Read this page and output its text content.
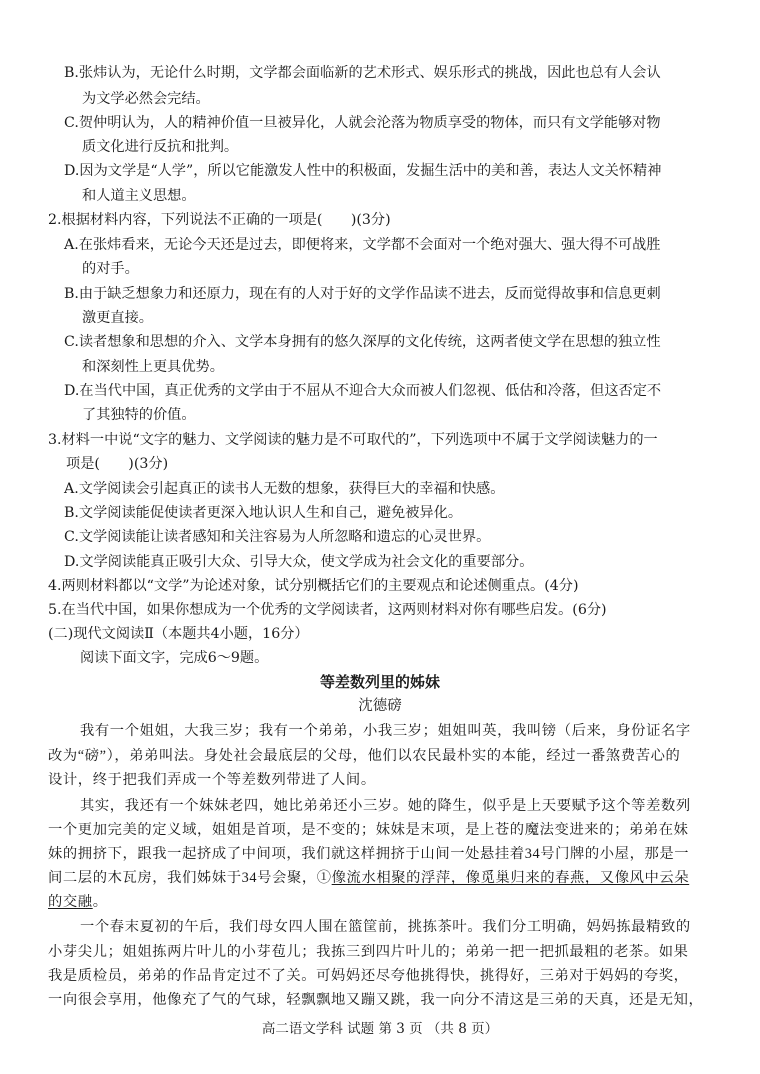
B.张炜认为，无论什么时期，文学都会面临新的艺术形式、娱乐形式的挑战，因此也总有人会认
为文学必然会完结。
C.贺仲明认为，人的精神价值一旦被异化，人就会沦落为物质享受的物体，而只有文学能够对物
质文化进行反抗和批判。
D.因为文学是“人学”，所以它能激发人性中的积极面，发掘生活中的美和善，表达人文关怀精神
和人道主义思想。
2.根据材料内容，下列说法不正确的一项是(　　)(3分)
A.在张炜看来，无论今天还是过去，即便将来，文学都不会面对一个绝对强大、强大得不可战胜
的对手。
B.由于缺乏想象力和还原力，现在有的人对于好的文学作品读不进去，反而觉得故事和信息更刺
激更直接。
C.读者想象和思想的介入、文学本身拥有的悠久深厚的文化传统，这两者使文学在思想的独立性
和深刻性上更具优势。
D.在当代中国，真正优秀的文学由于不屈从不迎合大众而被人们忽视、低估和冷落，但这否定不
了其独特的价值。
3.材料一中说“文字的魅力、文学阅读的魅力是不可取代的”，下列选项中不属于文学阅读魅力的一
项是(　　)(3分)
A.文学阅读会引起真正的读书人无数的想象，获得巨大的幸福和快感。
B.文学阅读能促使读者更深入地认识人生和自己，避免被异化。
C.文学阅读能让读者感知和关注容易为人所忽略和遗忘的心灵世界。
D.文学阅读能真正吸引大众、引导大众，使文学成为社会文化的重要部分。
4.两则材料都以“文学”为论述对象，试分别概括它们的主要观点和论述侧重点。(4分)
5.在当代中国，如果你想成为一个优秀的文学阅读者，这两则材料对你有哪些启发。(6分)
(二)现代文阅读Ⅱ（本题共4小题，16分）
阅读下面文字，完成6～9题。
等差数列里的姊妹
沈德磅
我有一个姐姐，大我三岁；我有一个弟弟，小我三岁；姐姐叫英，我叫镑（后来，身份证名字
改为“磅”），弟弟叫法。身处社会最底层的父母，他们以农民最朴实的本能，经过一番煞费苦心的
设计，终于把我们弄成一个等差数列带进了人间。
其实，我还有一个妹妹老四，她比弟弟还小三岁。她的降生，似乎是上天要赋予这个等差数列
一个更加完美的定义域，姐姐是首项，是不变的；妹妹是末项，是上苍的魔法变进来的；弟弟在妹
妹的拥挤下，跟我一起挤成了中间项，我们就这样拥挤于山间一处悬挂着34号门牌的小屋，那是一
间二层的木瓦房，我们姊妹于34号会聚，①像流水相聚的浮萍，像觅巢归来的春燕，又像风中云朵
的交融。
一个春末夏初的午后，我们母女四人围在篮筐前，挑拣茶叶。我们分工明确，妈妈拣最精致的
小芽尖儿；姐姐拣两片叶儿的小芽苞儿；我拣三到四片叶儿的；弟弟一把一把抓最粗的老茶。如果
我是质检员，弟弟的作品肯定过不了关。可妈妈还尽夸他挑得快，挑得好，三弟对于妈妈的夸奖，
一向很会享用，他像充了气的气球，轻飘飘地又蹦又跳，我一向分不清这是三弟的天真，还是无知，
高二语文学科 试题 第 3 页 （共 8 页）
